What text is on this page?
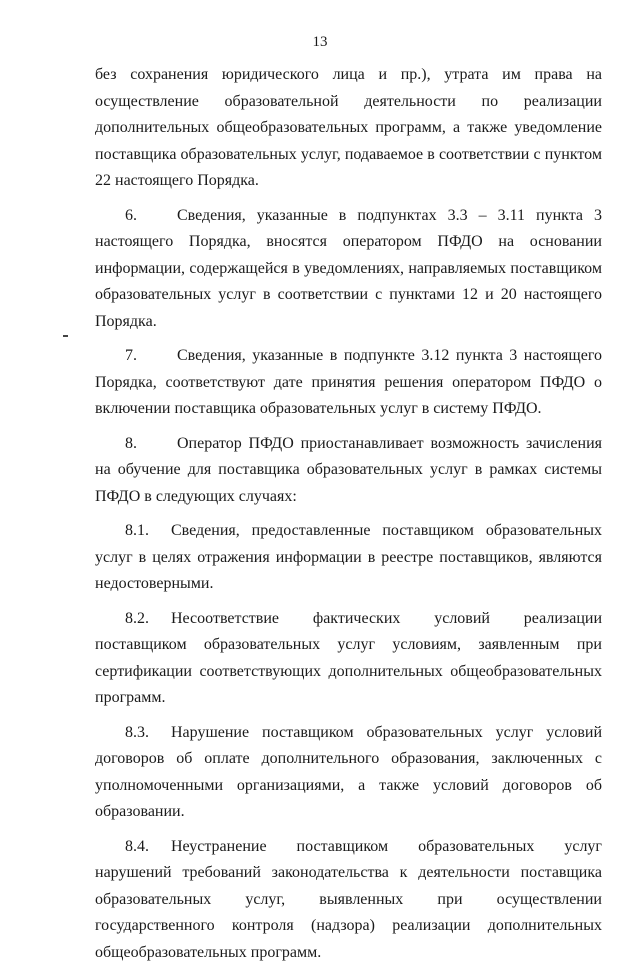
13

без сохранения юридического лица и пр.), утрата им права на осуществление образовательной деятельности по реализации дополнительных общеобразовательных программ, а также уведомление поставщика образовательных услуг, подаваемое в соответствии с пунктом 22 настоящего Порядка.

6.	Сведения, указанные в подпунктах 3.3 – 3.11 пункта 3 настоящего Порядка, вносятся оператором ПФДО на основании информации, содержащейся в уведомлениях, направляемых поставщиком образовательных услуг в соответствии с пунктами 12 и 20 настоящего Порядка.

7.	Сведения, указанные в подпункте 3.12 пункта 3 настоящего Порядка, соответствуют дате принятия решения оператором ПФДО о включении поставщика образовательных услуг в систему ПФДО.

8.	Оператор ПФДО приостанавливает возможность зачисления на обучение для поставщика образовательных услуг в рамках системы ПФДО в следующих случаях:

8.1. Сведения, предоставленные поставщиком образовательных услуг в целях отражения информации в реестре поставщиков, являются недостоверными.

8.2. Несоответствие фактических условий реализации поставщиком образовательных услуг условиям, заявленным при сертификации соответствующих дополнительных общеобразовательных программ.

8.3. Нарушение поставщиком образовательных услуг условий договоров об оплате дополнительного образования, заключенных с уполномоченными организациями, а также условий договоров об образовании.

8.4. Неустранение поставщиком образовательных услуг нарушений требований законодательства к деятельности поставщика образовательных услуг, выявленных при осуществлении государственного контроля (надзора) реализации дополнительных общеобразовательных программ.
